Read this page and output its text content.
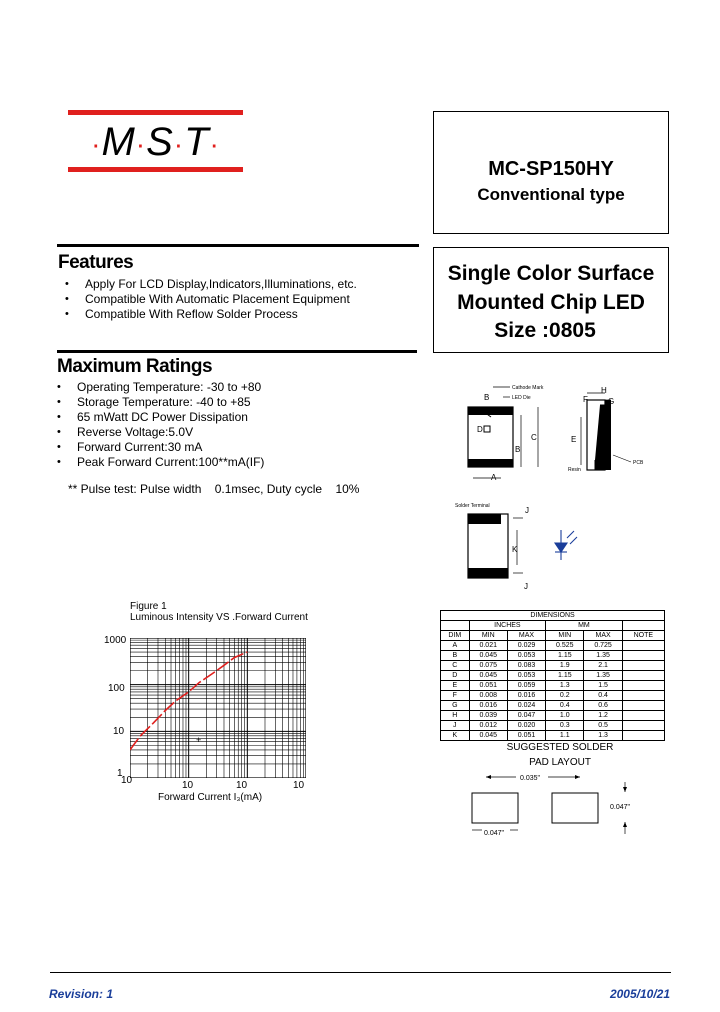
·M·S·T·
MC-SP150HY
Conventional type
Single Color Surface
Mounted Chip LED
Size :0805
Features
• Apply For LCD Display,Indicators,Illuminations, etc.
• Compatible With Automatic Placement Equipment
• Compatible With Reflow Solder Process
Maximum Ratings
• Operating Temperature: -30 to +80
• Storage Temperature: -40 to +85
• 65 mWatt DC Power Dissipation
• Reverse Voltage:5.0V
• Forward Current:30 mA
• Peak Forward Current:100**mA(IF)
** Pulse test: Pulse width    0.1msec, Duty cycle    10%
Figure 1
Luminous Intensity VS .Forward Current
1000
100
10
1
10	10	10	10
Forward Current I₃(mA)
+
Cathode Mark
LED Die
B
D
B
C
A
F
H
G
E
Resin
PCB
Solder Terminal	J
K
J
DIMENSIONS					
	INCHES		MM		
DIM	MIN	MAX	MIN	MAX	NOTE
A	0.021	0.029	0.525	0.725	
B	0.045	0.053	1.15	1.35	
C	0.075	0.083	1.9	2.1	
D	0.045	0.053	1.15	1.35	
E	0.051	0.059	1.3	1.5	
F	0.008	0.016	0.2	0.4	
G	0.016	0.024	0.4	0.6	
H	0.039	0.047	1.0	1.2	
J	0.012	0.020	0.3	0.5	
K	0.045	0.051	1.1	1.3	
SUGGESTED SOLDER
PAD LAYOUT
0.035"
0.047"
0.047"
Revision: 1	2005/10/21
